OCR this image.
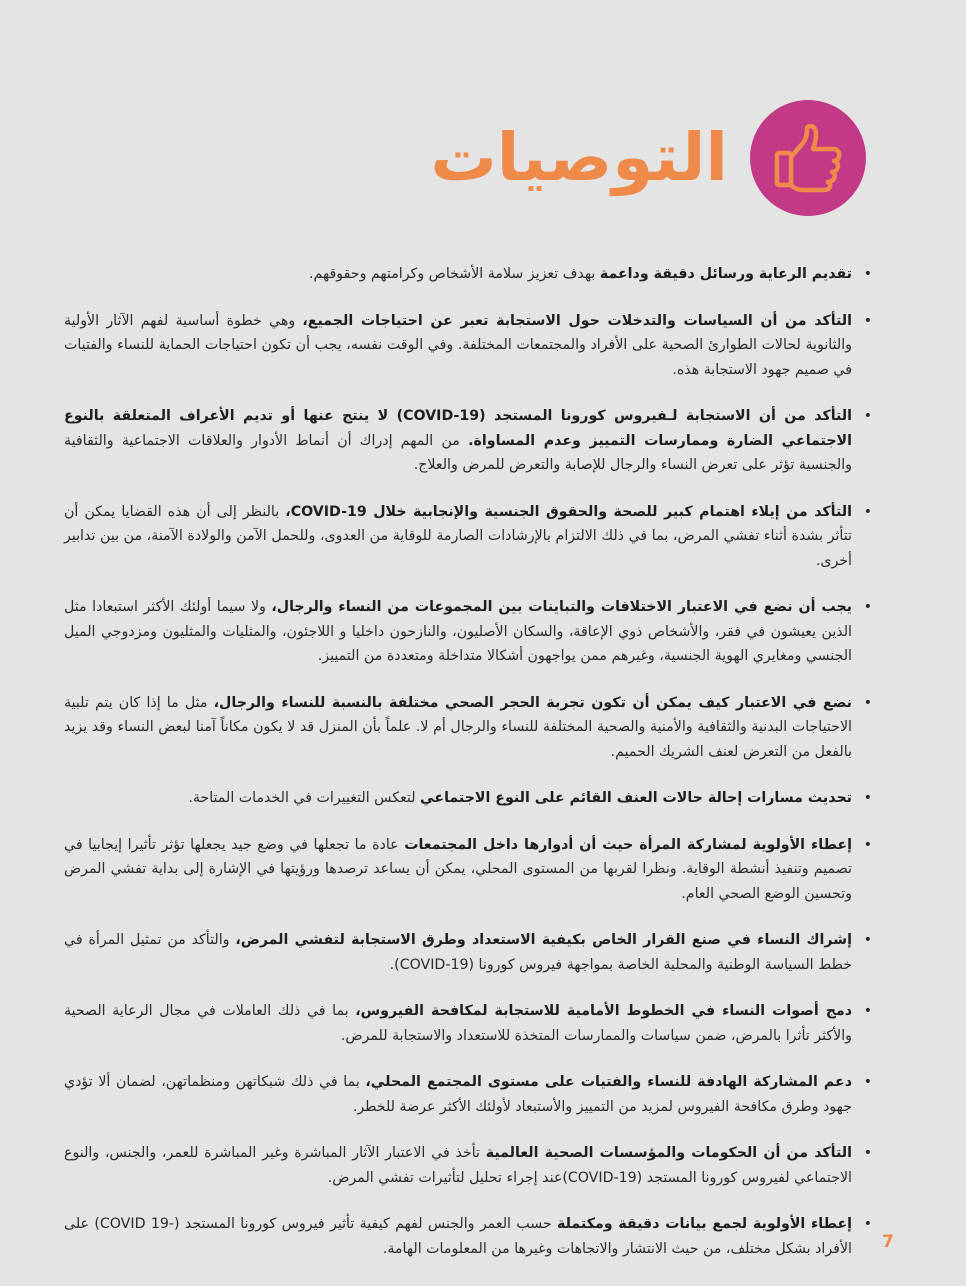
التوصيات
•
تقديم الرعاية ورسائل دقيقة وداعمة بهدف تعزيز سلامة الأشخاص وكرامتهم وحقوقهم.
•
التأكد من أن السياسات والتدخلات حول الاستجابة تعبر عن احتياجات الجميع، وهي خطوة أساسية لفهم الآثار الأولية والثانوية لحالات الطوارئ الصحية على الأفراد والمجتمعات المختلفة. وفي الوقت نفسه، يجب أن تكون احتياجات الحماية للنساء والفتيات في صميم جهود الاستجابة هذه.
•
التأكد من أن الاستجابة لـفيروس كورونا المستجد (COVID-19) لا ينتج عنها أو تديم الأعراف المتعلقة بالنوع الاجتماعي الضارة وممارسات التمييز وعدم المساواة. من المهم إدراك أن أنماط الأدوار والعلاقات الاجتماعية والثقافية والجنسية تؤثر على تعرض النساء والرجال للإصابة والتعرض للمرض والعلاج.
•
التأكد من إيلاء اهتمام كبير للصحة والحقوق الجنسية والإنجابية خلال COVID-19، بالنظر إلى أن هذه القضايا يمكن أن تتأثر بشدة أثناء تفشي المرض، بما في ذلك الالتزام بالإرشادات الصارمة للوقاية من العدوى، وللحمل الآمن والولادة الآمنة، من بين تدابير أخرى.
•
يجب أن نضع في الاعتبار الاختلافات والتباينات بين المجموعات من النساء والرجال، ولا سيما أولئك الأكثر استبعادا مثل الذين يعيشون في فقر، والأشخاص ذوي الإعاقة، والسكان الأصليون، والنازحون داخليا و اللاجئون، والمثليات والمثليون ومزدوجي الميل الجنسي ومغايري الهوية الجنسية، وغيرهم ممن يواجهون أشكالا متداخلة ومتعددة من التمييز.
•
نضع في الاعتبار كيف يمكن أن تكون تجربة الحجر الصحي مختلفة بالنسبة للنساء والرجال، مثل ما إذا كان يتم تلبية الاحتياجات البدنية والثقافية والأمنية والصحية المختلفة للنساء والرجال أم لا. علماً بأن المنزل قد لا يكون مكاناً آمنا لبعض النساء وقد يزيد بالفعل من التعرض لعنف الشريك الحميم.
•
تحديث مسارات إحالة حالات العنف القائم على النوع الاجتماعي لتعكس التغييرات في الخدمات المتاحة.
•
إعطاء الأولوية لمشاركة المرأة حيث أن أدوارها داخل المجتمعات عادة ما تجعلها في وضع جيد يجعلها تؤثر تأثيرا إيجابيا في تصميم وتنفيذ أنشطة الوقاية. ونظرا لقربها من المستوى المحلي، يمكن أن يساعد ترصدها ورؤيتها في الإشارة إلى بداية تفشي المرض وتحسين الوضع الصحي العام.
•
إشراك النساء في صنع القرار الخاص بكيفية الاستعداد وطرق الاستجابة لتفشي المرض، والتأكد من تمثيل المرأة في خطط السياسة الوطنية والمحلية الخاصة بمواجهة فيروس كورونا (COVID-19).
•
دمج أصوات النساء في الخطوط الأمامية للاستجابة لمكافحة الفيروس، بما في ذلك العاملات في مجال الرعاية الصحية والأكثر تأثرا بالمرض، ضمن سياسات والممارسات المتخذة للاستعداد والاستجابة للمرض.
•
دعم المشاركة الهادفة للنساء والفتيات على مستوى المجتمع المحلي، بما في ذلك شبكاتهن ومنظماتهن، لضمان ألا تؤدي جهود وطرق مكافحة الفيروس لمزيد من التمييز والأستبعاد لأولئك الأكثر عرضة للخطر.
•
التأكد من أن الحكومات والمؤسسات الصحية العالمية تأخذ في الاعتبار الآثار المباشرة وغير المباشرة للعمر، والجنس، والنوع الاجتماعي لفيروس كورونا المستجد (COVID-19)عند إجراء تحليل لتأثيرات تفشي المرض.
•
إعطاء الأولوية لجمع بيانات دقيقة ومكتملة حسب العمر والجنس لفهم كيفية تأثير فيروس كورونا المستجد (-COVID 19) على الأفراد بشكل مختلف، من حيث الانتشار والاتجاهات وغيرها من المعلومات الهامة.	7
